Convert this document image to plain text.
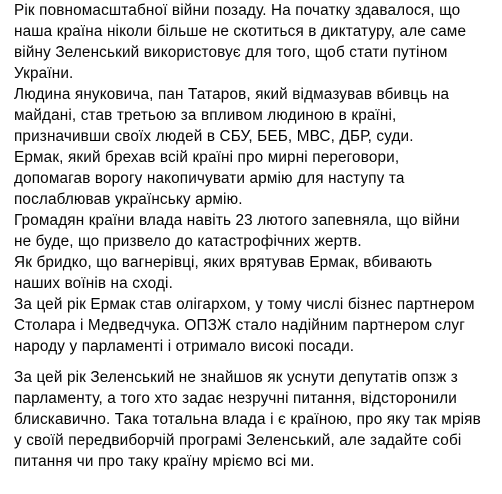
Рік повномасштабної війни позаду. На початку здавалося, що
наша країна ніколи більше не скотиться в диктатуру, але саме
війну Зеленський використовує для того, щоб стати путіном
України.

Людина януковича, пан Татаров, який відмазував вбивць на
майдані, став третьою за впливом людиною в країні,
призначивши своїх людей в СБУ, БЕБ, МВС, ДБР, суди.

Ермак, який брехав всій країні про мирні переговори,
допомагав ворогу накопичувати армію для наступу та
послаблював українську армію.

Громадян країни влада навіть 23 лютого запевняла, що війни
не буде, що призвело до катастрофічних жертв.

Як бридко, що вагнерівці, яких врятував Ермак, вбивають
наших воїнів на сході.

За цей рік Ермак став олігархом, у тому числі бізнес партнером
Столара і Медведчука. ОПЗЖ стало надійним партнером слуг
народу у парламенті і отримало високі посади.

За цей рік Зеленський не знайшов як уснути депутатів опзж з
парламенту, а того хто задає незручні питання, відсторонили
блискавично. Така тотальна влада і є країною, про яку так мріяв
у своїй передвиборчій програмі Зеленський, але задайте собі
питання чи про таку країну мріємо всі ми.
